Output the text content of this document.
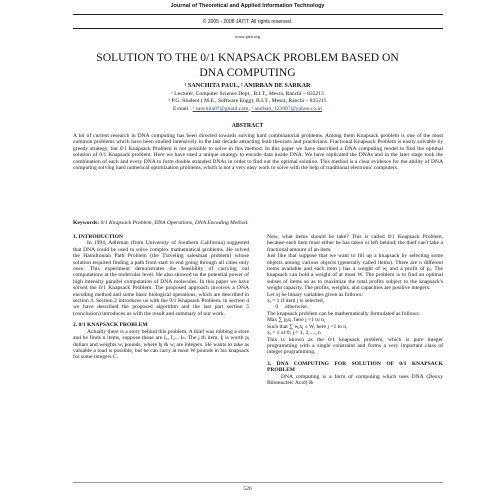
Journal of Theoretical and Applied Information Technology
© 2005 - 2008 JATIT. All rights reserved.
www.jatit.org
SOLUTION TO THE 0/1 KNAPSACK PROBLEM BASED ON
DNA COMPUTING
¹ SANCHITA PAUL, ² ANIRBAN DE SARKAR
¹ Lecturer, Computer Science Dept., B.I.T., Mesra, Ranchi – 835215
² P.G. Student ( M.E., Software Engg), B.I.T., Mesra, Ranchi – 835215
E-mail : ¹ sanchita07@gmail.com, ² anirban_123007@yahoo.co.in
ABSTRACT
A lot of current research in DNA computing has been directed towards solving hard combinatorial problems. Among them Knapsack problem is one of the most common problems which have been studied intensively in the last decade attracting both theorists and practicians. Fractional Knapsack Problem is easily solvable by greedy strategy, but 0/1 Knapsack Problem is not possible to solve in this method. In this paper we have described a DNA computing model to find the optimal solution of 0/1 Knapsack problem. Here we have used a unique strategy to encode data inside DNA. We have replicated the DNAs and in the later stage took the combination of each and every DNA to form double stranded DNAs in order to find out the optimal solution. This method is a clear evidence for the ability of DNA computing solving hard numerical optimization problems, which is not a very easy work to solve with the help of traditional electronic computers.
Keywords: 0/1 Knapsack Problem, DNA Operations, DNA Encoding Method.

1. INTRODUCTION

In 1994, Adleman (from University of Southern California) suggested that DNA could be used to solve complex mathematical problems. He solved the Hamiltonian Path Problem (the Traveling salesman problem) whose solution required finding a path from start to end going through all cities only once. This experiment demonstrates the feasibility of carrying out computations at the molecular level. He also showed us the potential power of high intensity parallel computation of DNA molecules. In this paper we have solved the 0/1 Knapsack Problem. The proposed approach involves a DNA encoding method and some basic biological operations, which are described in section 3. Section 2 introduces us with the 0/1 Knapsack Problem, in section 4 we have described the proposed algorithm and the last part section 5 (conclusion) introduces us with the result and summary of our work.

2. 0/1 KNAPSACK PROBLEM

Actually there is a story behind this problem. A thief was robbing a store and he finds n items, suppose those are I₁, I₂... Iₙ. The j th item, Iⱼ is worth pⱼ dollars and weights wⱼ pounds, where bⱼ & wⱼ are integers. He wants to take as valuable a load is possible, but he can carry at most W pounds in his knapsack for some integers C.

Now, what items should he take? This is called 0/1 Knapsack Problem, because each item must either be has taken or left behind; the thief can't take a fractional amount of an item.

Just like that suppose that we want to fill up a knapsack by selecting some objects among various objects (generally called items). There are n different items available and each item j has a weight of wⱼ and a profit of pⱼ. The knapsack can hold a weight of at most W. The problem is to find an optimal subset of items so as to maximize the total profits subject to the knapsack's weight capacity. The profits, weights, and capacities are positive integers.

Let xj be binary variables given as follows:

xⱼ = 1 if item j is selected,

0     otherwise.

The knapsack problem can be mathematically formulated as follows:

Max ∑ pⱼxⱼ, here j =1 to n,

Such that ∑ wⱼxⱼ ≤ W, here j =1 to n,

xⱼ = 1 or 0; j = 1, 2, ..., n

This is known as the 0/1 knapsack problem, which is pure integer programming with a single constraint and forms a very important class of integer programming.

3. DNA COMPUTING FOR SOLUTION OF 0/1 KNAPSACK PROBLEM

DNA computing is a form of computing which uses DNA (Deoxy Ribonucleic Acid) &

526
